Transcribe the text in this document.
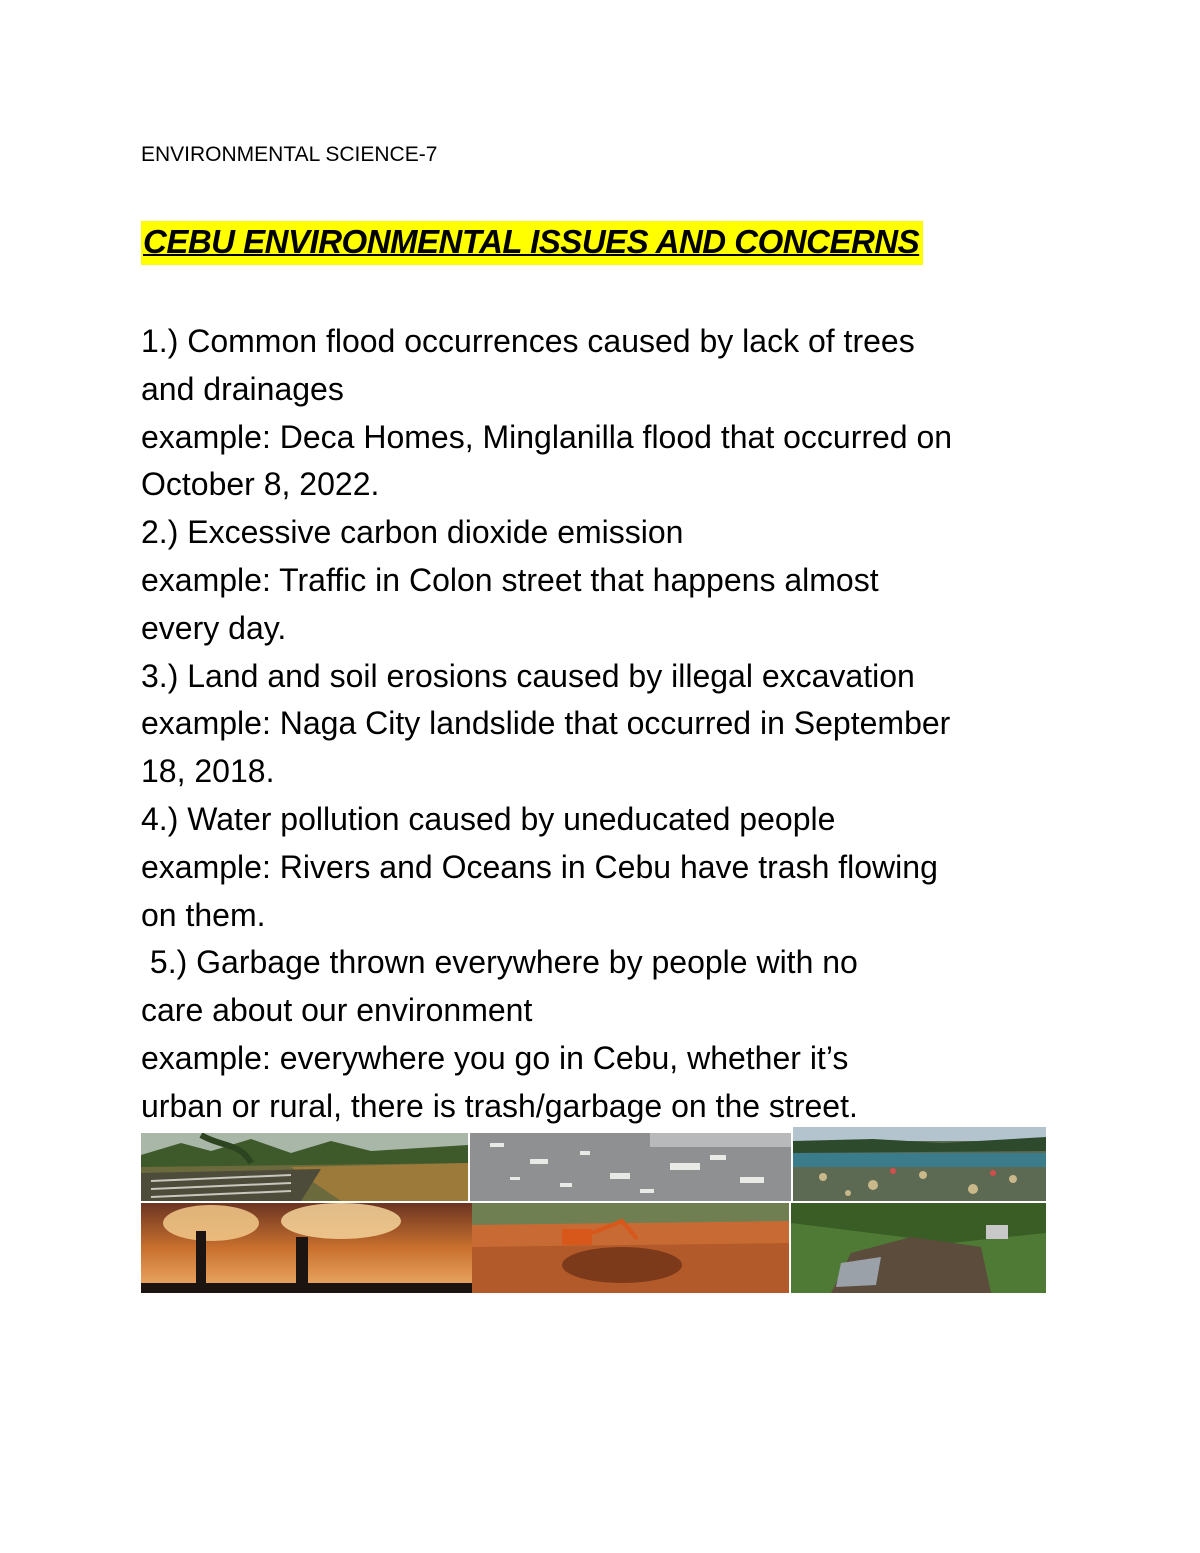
ENVIRONMENTAL SCIENCE-7
CEBU ENVIRONMENTAL ISSUES AND CONCERNS
1.) Common flood occurrences caused by lack of trees
and drainages
example: Deca Homes, Minglanilla flood that occurred on
October 8, 2022.
2.) Excessive carbon dioxide emission
example: Traffic in Colon street that happens almost
every day.
3.) Land and soil erosions caused by illegal excavation
example: Naga City landslide that occurred in September
18, 2018.
4.) Water pollution caused by uneducated people
example: Rivers and Oceans in Cebu have trash flowing
on them.
5.) Garbage thrown everywhere by people with no
care about our environment
example: everywhere you go in Cebu, whether it’s
urban or rural, there is trash/garbage on the street.
